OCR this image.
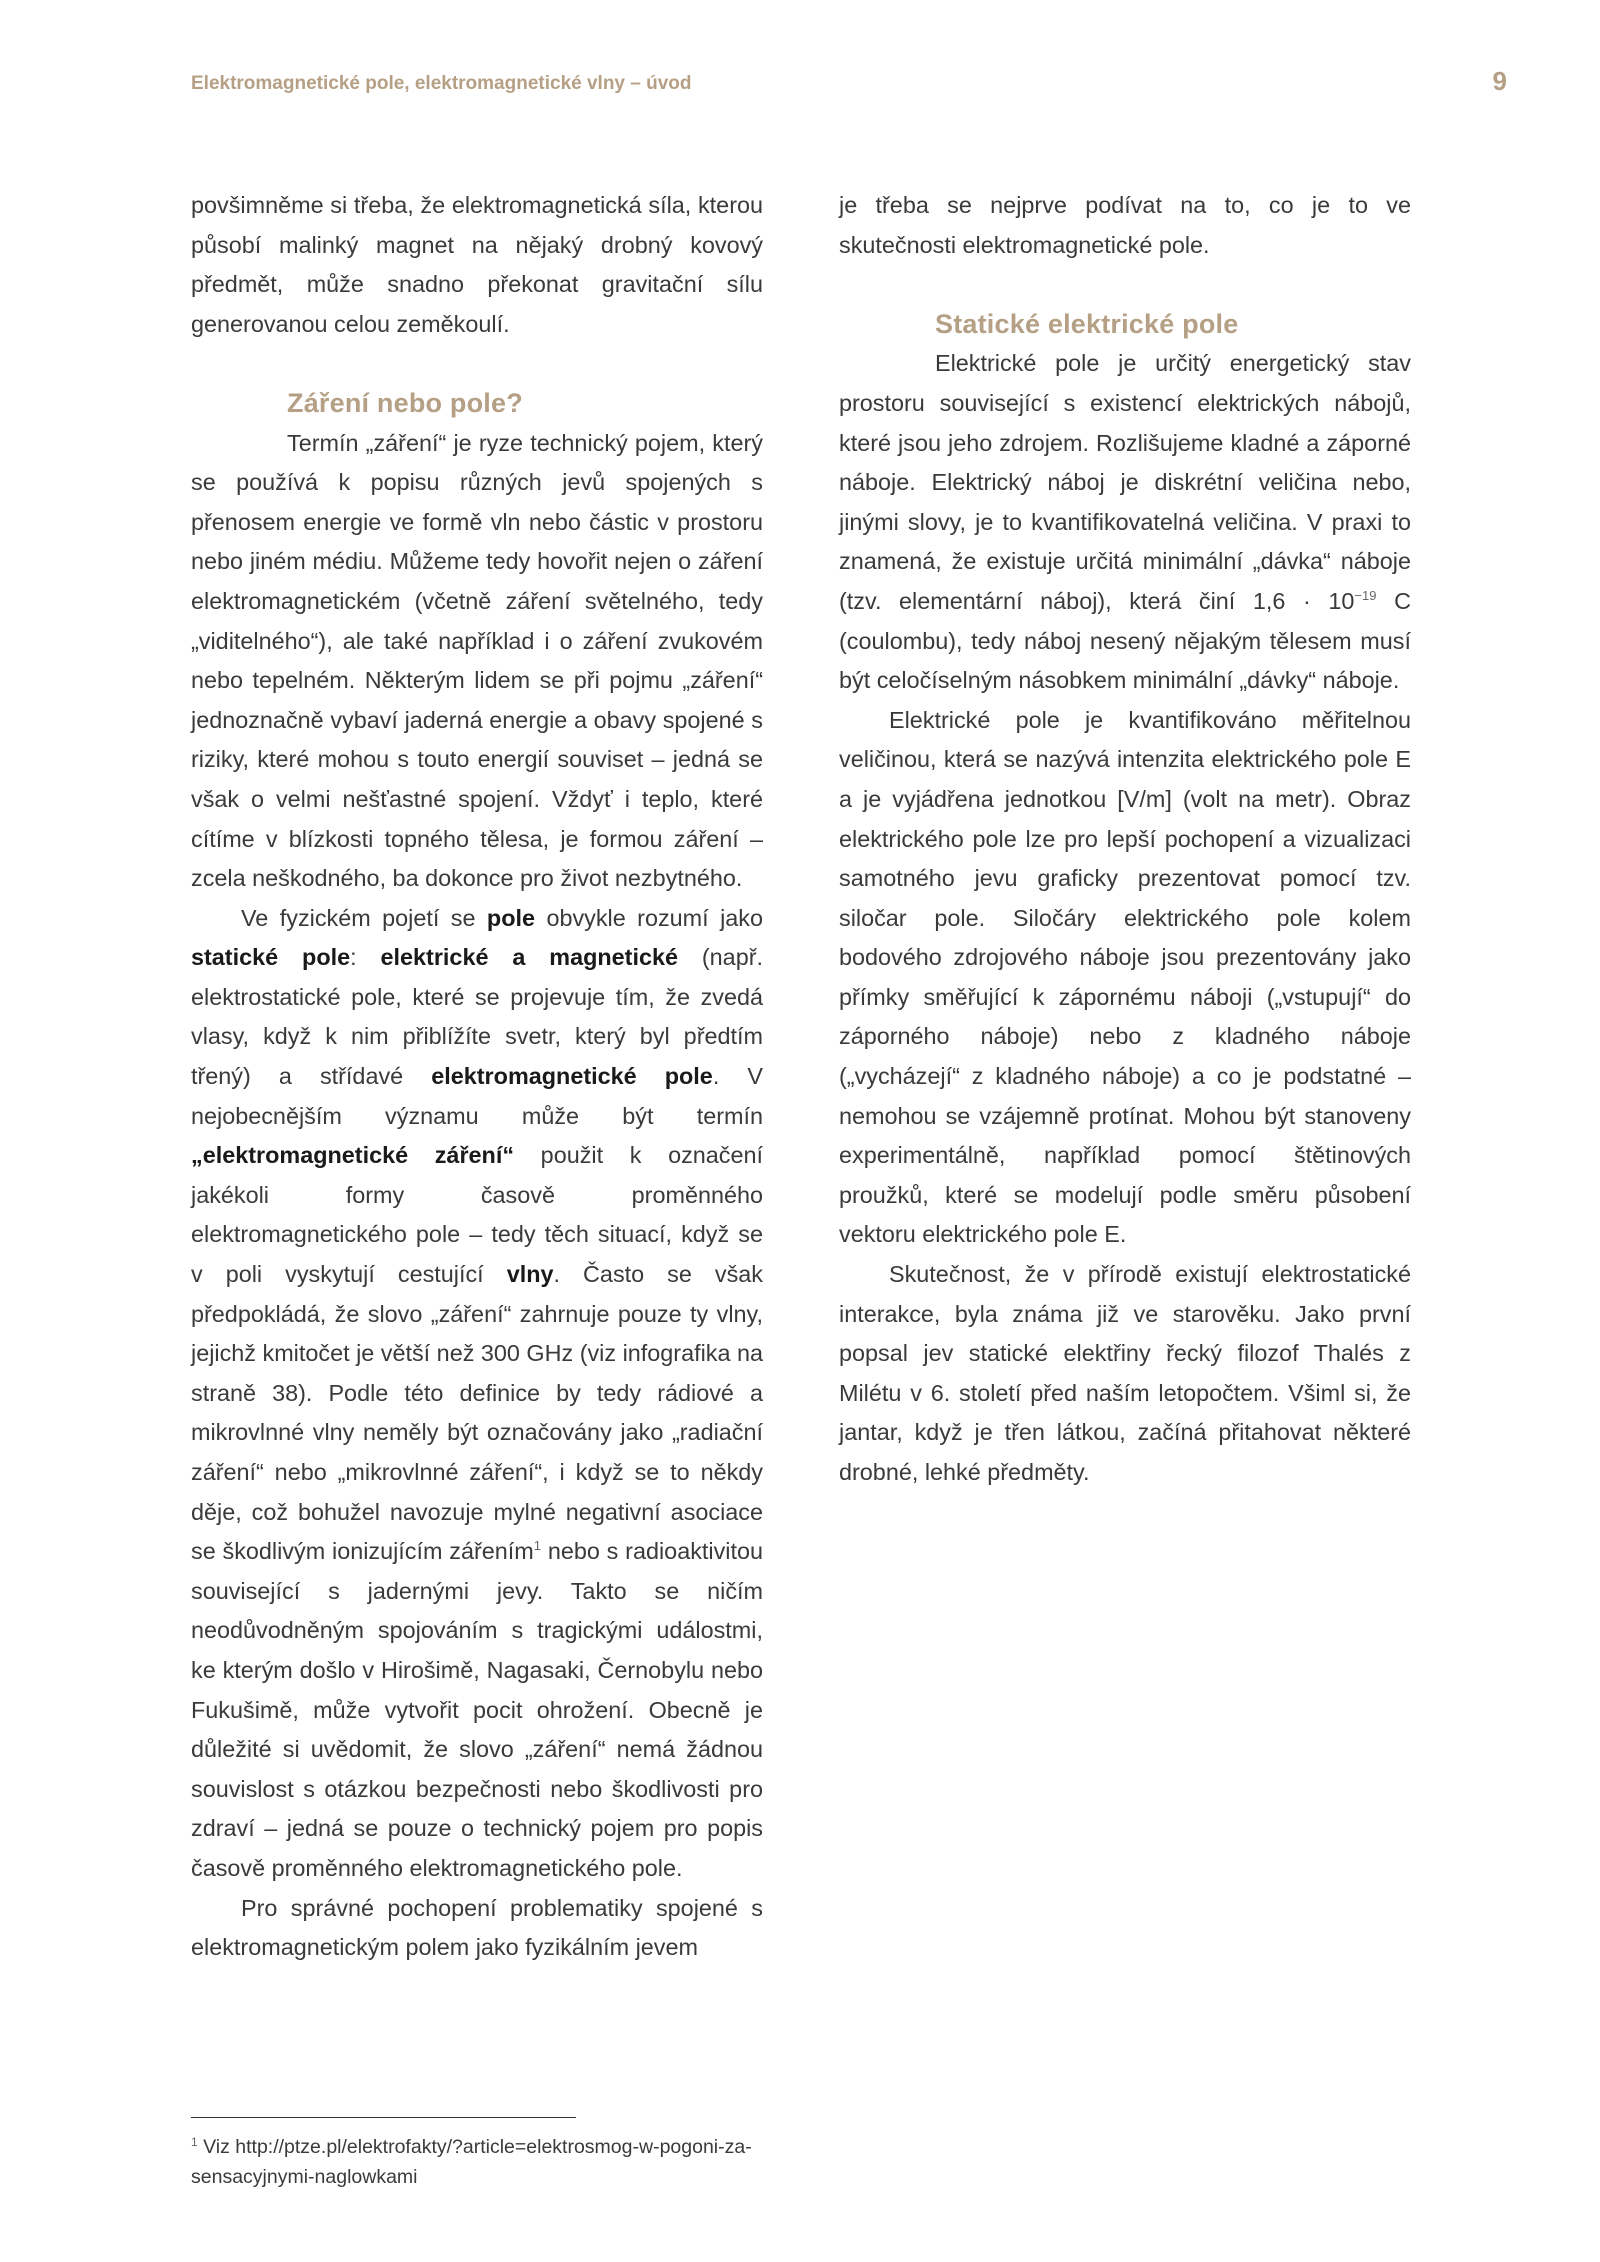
Elektromagnetické pole, elektromagnetické vlny – úvod	9

povšimněme si třeba, že elektromagnetická síla, kterou působí malinký magnet na nějaký drobný kovový předmět, může snadno překonat gravitační sílu generovanou celou zeměkoulí.

Záření nebo pole?

Termín „záření“ je ryze technický pojem, který se používá k popisu různých jevů spojených s přenosem energie ve formě vln nebo částic v prostoru nebo jiném médiu. Můžeme tedy hovořit nejen o záření elektromagnetickém (včetně záření světelného, tedy „viditelného“), ale také například i o záření zvukovém nebo tepelném. Některým lidem se při pojmu „záření“ jednoznačně vybaví jaderná energie a obavy spojené s riziky, které mohou s touto energií souviset – jedná se však o velmi nešťastné spojení. Vždyť i teplo, které cítíme v blízkosti topného tělesa, je formou záření – zcela neškodného, ba dokonce pro život nezbytného.

Ve fyzickém pojetí se pole obvykle rozumí jako statické pole: elektrické a magnetické (např. elektrostatické pole, které se projevuje tím, že zvedá vlasy, když k nim přiblížíte svetr, který byl předtím třený) a střídavé elektromagnetické pole. V nejobecnějším významu může být termín „elektromagnetické záření“ použit k označení jakékoli formy časově proměnného elektromagnetického pole – tedy těch situací, když se v poli vyskytují cestující vlny. Často se však předpokládá, že slovo „záření“ zahrnuje pouze ty vlny, jejichž kmitočet je větší než 300 GHz (viz infografika na straně 38). Podle této definice by tedy rádiové a mikrovlnné vlny neměly být označovány jako „radiační záření“ nebo „mikrovlnné záření“, i když se to někdy děje, což bohužel navozuje mylné negativní asociace se škodlivým ionizujícím zářením$^1$ nebo s radioaktivitou související s jadernými jevy. Takto se ničím neodůvodněným spojováním s tragickými událostmi, ke kterým došlo v Hirošimě, Nagasaki, Černobylu nebo Fukušimě, může vytvořit pocit ohrožení. Obecně je důležité si uvědomit, že slovo „záření“ nemá žádnou souvislost s otázkou bezpečnosti nebo škodlivosti pro zdraví – jedná se pouze o technický pojem pro popis časově proměnného elektromagnetického pole.

Pro správné pochopení problematiky spojené s elektromagnetickým polem jako fyzikálním jevem

je třeba se nejprve podívat na to, co je to ve skutečnosti elektromagnetické pole.

Statické elektrické pole

Elektrické pole je určitý energetický stav prostoru související s existencí elektrických nábojů, které jsou jeho zdrojem. Rozlišujeme kladné a záporné náboje. Elektrický náboj je diskrétní veličina nebo, jinými slovy, je to kvantifikovatelná veličina. V praxi to znamená, že existuje určitá minimální „dávka“ náboje (tzv. elementární náboj), která činí $1,6 \cdot 10^{-19}$ C (coulombu), tedy náboj nesený nějakým tělesem musí být celočíselným násobkem minimální „dávky“ náboje.

Elektrické pole je kvantifikováno měřitelnou veličinou, která se nazývá intenzita elektrického pole E a je vyjádřena jednotkou [V/m] (volt na metr). Obraz elektrického pole lze pro lepší pochopení a vizualizaci samotného jevu graficky prezentovat pomocí tzv. siločar pole. Siločáry elektrického pole kolem bodového zdrojového náboje jsou prezentovány jako přímky směřující k zápornému náboji („vstupují“ do záporného náboje) nebo z kladného náboje („vycházejí“ z kladného náboje) a co je podstatné – nemohou se vzájemně protínat. Mohou být stanoveny experimentálně, například pomocí štětinových proužků, které se modelují podle směru působení vektoru elektrického pole E.

Skutečnost, že v přírodě existují elektrostatické interakce, byla známa již ve starověku. Jako první popsal jev statické elektřiny řecký filozof Thalés z Milétu v 6. století před naším letopočtem. Všiml si, že jantar, když je třen látkou, začíná přitahovat některé drobné, lehké předměty.

$^1$ Viz http://ptze.pl/elektrofakty/?article=elektrosmog-w-pogoni-za-sensacyjnymi-naglowkami
